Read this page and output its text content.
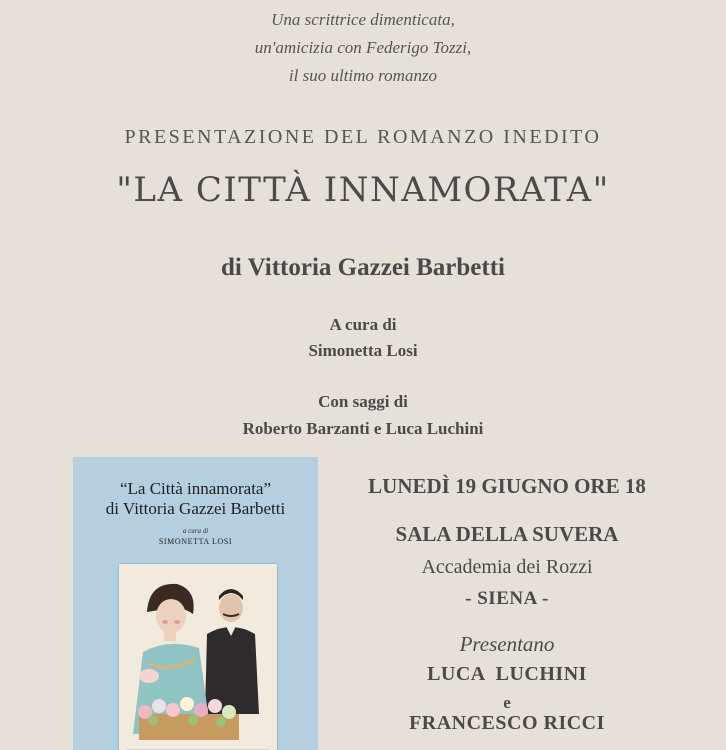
Una scrittrice dimenticata,
un'amicizia con Federigo Tozzi,
il suo ultimo romanzo
PRESENTAZIONE DEL ROMANZO INEDITO
"LA CITTÀ INNAMORATA"
di Vittoria Gazzei Barbetti
A cura di
Simonetta Losi
Con saggi di
Roberto Barzanti e Luca Luchini
“La Città innamorata”
di Vittoria Gazzei Barbetti
a cura di
SIMONETTA LOSI
LUNEDÌ 19 GIUGNO ORE 18
SALA DELLA SUVERA
Accademia dei Rozzi
- SIENA -
Presentano
LUCA  LUCHINI
e
FRANCESCO RICCI
